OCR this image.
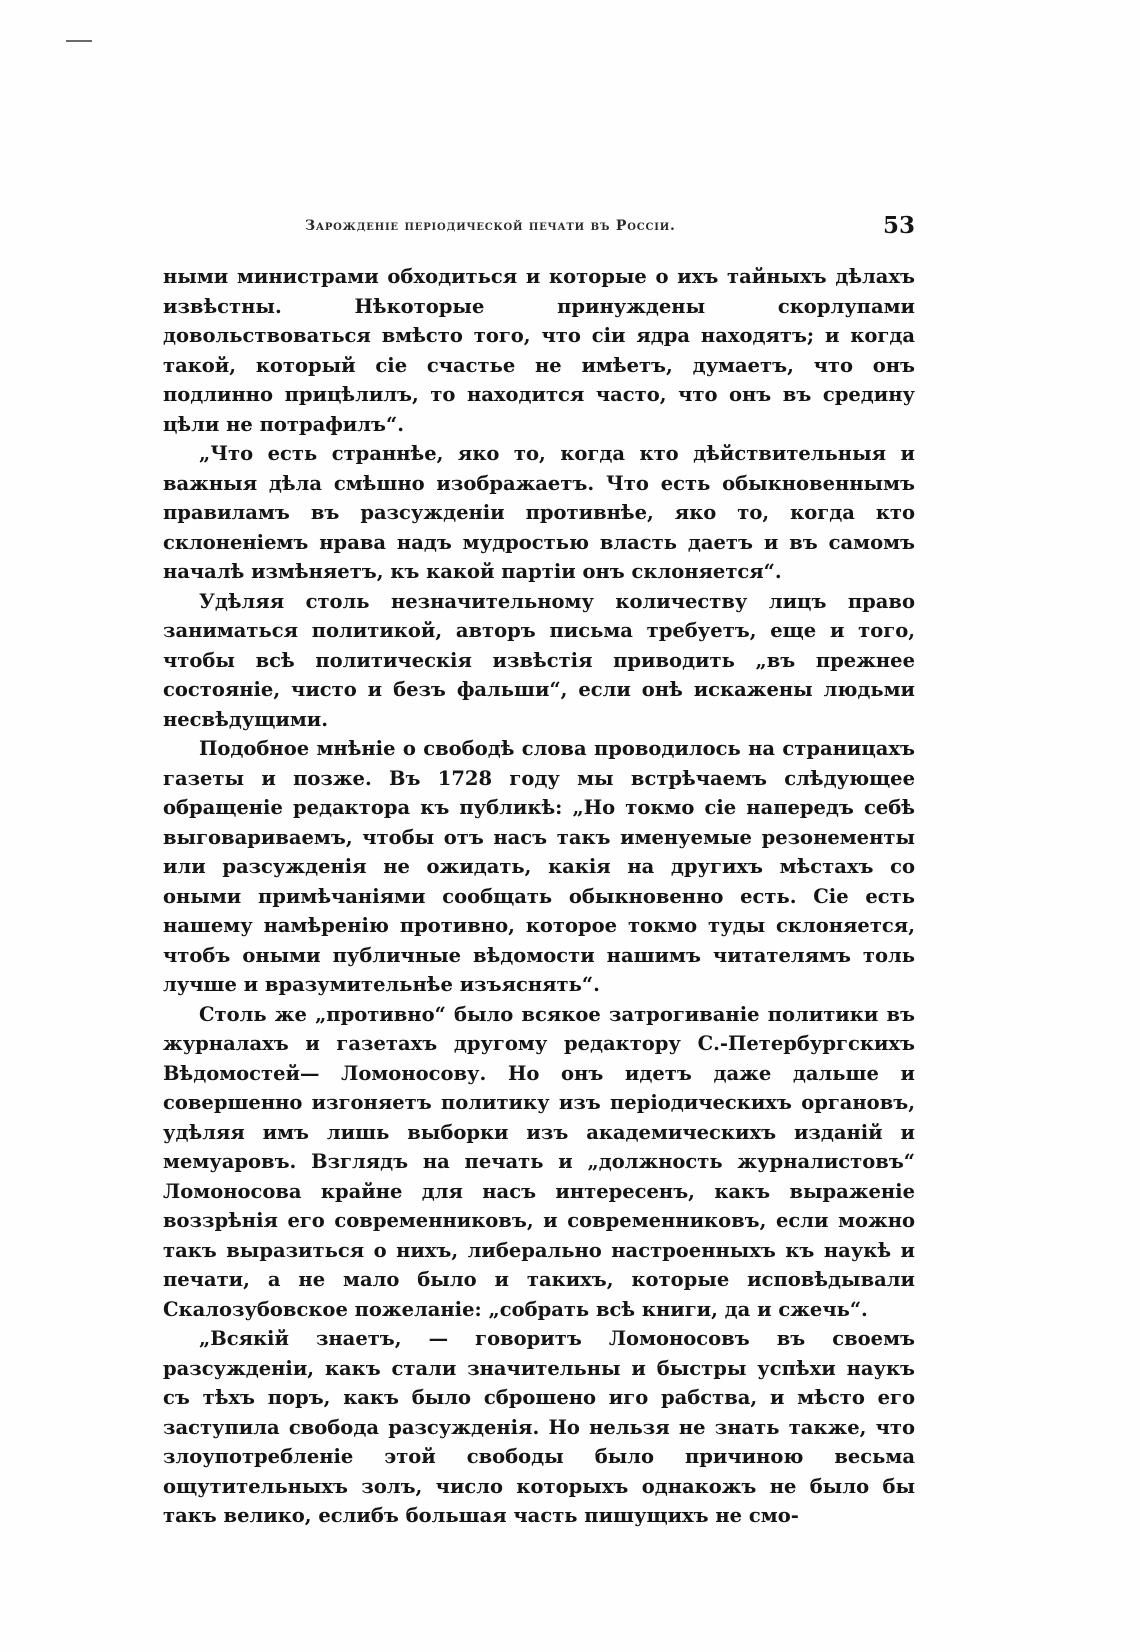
Зарожденіе періодической печати въ Россіи.	53

ными министрами обходиться и которые о ихъ тайныхъ дѣлахъ извѣстны. Нѣкоторые принуждены скорлупами довольствоваться вмѣсто того, что сіи ядра находятъ; и когда такой, который сіе счастье не имѣетъ, думаетъ, что онъ подлинно прицѣлилъ, то находится часто, что онъ въ средину цѣли не потрафилъ“.

„Что есть страннѣе, яко то, когда кто дѣйствительныя и важныя дѣла смѣшно изображаетъ. Что есть обыкновеннымъ правиламъ въ разсужденіи противнѣе, яко то, когда кто склоненіемъ нрава надъ мудростью власть даетъ и въ самомъ началѣ измѣняетъ, къ какой партіи онъ склоняется“.

Удѣляя столь незначительному количеству лицъ право заниматься политикой, авторъ письма требуетъ, еще и того, чтобы всѣ политическія извѣстія приводить „въ прежнее состояніе, чисто и безъ фальши“, если онѣ искажены людьми несвѣдущими.

Подобное мнѣніе о свободѣ слова проводилось на страницахъ газеты и позже. Въ 1728 году мы встрѣчаемъ слѣдующее обращеніе редактора къ публикѣ: „Но токмо сіе напередъ себѣ выговариваемъ, чтобы отъ насъ такъ именуемые резонементы или разсужденія не ожидать, какія на другихъ мѣстахъ со оными примѣчаніями сообщать обыкновенно есть. Сіе есть нашему намѣренію противно, которое токмо туды склоняется, чтобъ оными публичные вѣдомости нашимъ читателямъ толь лучше и вразумительнѣе изъяснять“.

Столь же „противно“ было всякое затрогиваніе политики въ журналахъ и газетахъ другому редактору С.-Петербургскихъ Вѣдомостей— Ломоносову. Но онъ идетъ даже дальше и совершенно изгоняетъ политику изъ періодическихъ органовъ, удѣляя имъ лишь выборки изъ академическихъ изданій и мемуаровъ. Взглядъ на печать и „должность журналистовъ“ Ломоносова крайне для насъ интересенъ, какъ выраженіе воззрѣнія его современниковъ, и современниковъ, если можно такъ выразиться о нихъ, либерально настроенныхъ къ наукѣ и печати, а не мало было и такихъ, которые исповѣдывали Скалозубовское пожеланіе: „собрать всѣ книги, да и сжечь“.

„Всякій знаетъ, — говоритъ Ломоносовъ въ своемъ разсужденіи, какъ стали значительны и быстры успѣхи наукъ съ тѣхъ поръ, какъ было сброшено иго рабства, и мѣсто его заступила свобода разсужденія. Но нельзя не знать также, что злоупотребленіе этой свободы было причиною весьма ощутительныхъ золъ, число которыхъ однакожъ не было бы такъ велико, еслибъ большая часть пишущихъ не смо-
